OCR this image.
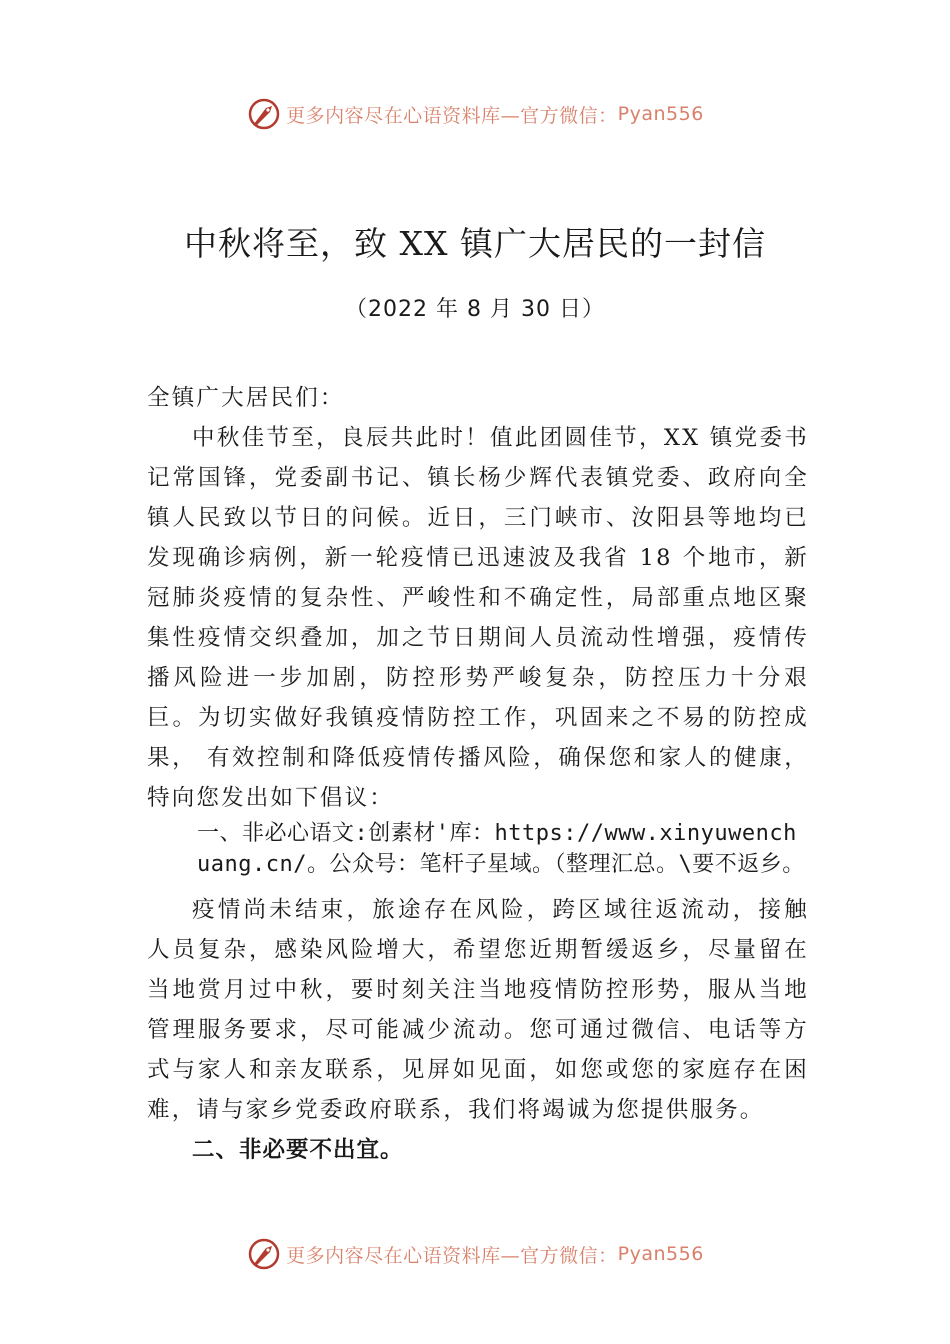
更多内容尽在心语资料库—官方微信： Pyan556
中秋将至，致 XX 镇广大居民的一封信
（2022 年 8 月 30 日）

全镇广大居民们：

中秋佳节至，良辰共此时！值此团圆佳节，XX 镇党委书记常国锋，党委副书记、镇长杨少辉代表镇党委、政府向全镇人民致以节日的问候。近日，三门峡市、汝阳县等地均已发现确诊病例，新一轮疫情已迅速波及我省 18 个地市，新冠肺炎疫情的复杂性、严峻性和不确定性，局部重点地区聚集性疫情交织叠加，加之节日期间人员流动性增强，疫情传播风险进一步加剧，防控形势严峻复杂，防控压力十分艰巨。为切实做好我镇疫情防控工作，巩固来之不易的防控成果， 有效控制和降低疫情传播风险，确保您和家人的健康，特向您发出如下倡议：

一、非必心语文:创素材'库：https://www.xinyuwenchuang.cn/。公众号：笔杆子星域。（整理汇总。\要不返乡。

疫情尚未结束，旅途存在风险，跨区域往返流动，接触人员复杂，感染风险增大，希望您近期暂缓返乡，尽量留在当地赏月过中秋，要时刻关注当地疫情防控形势，服从当地管理服务要求，尽可能减少流动。您可通过微信、电话等方式与家人和亲友联系，见屏如见面，如您或您的家庭存在困难，请与家乡党委政府联系，我们将竭诚为您提供服务。

二、非必要不出宜。

更多内容尽在心语资料库—官方微信： Pyan556
